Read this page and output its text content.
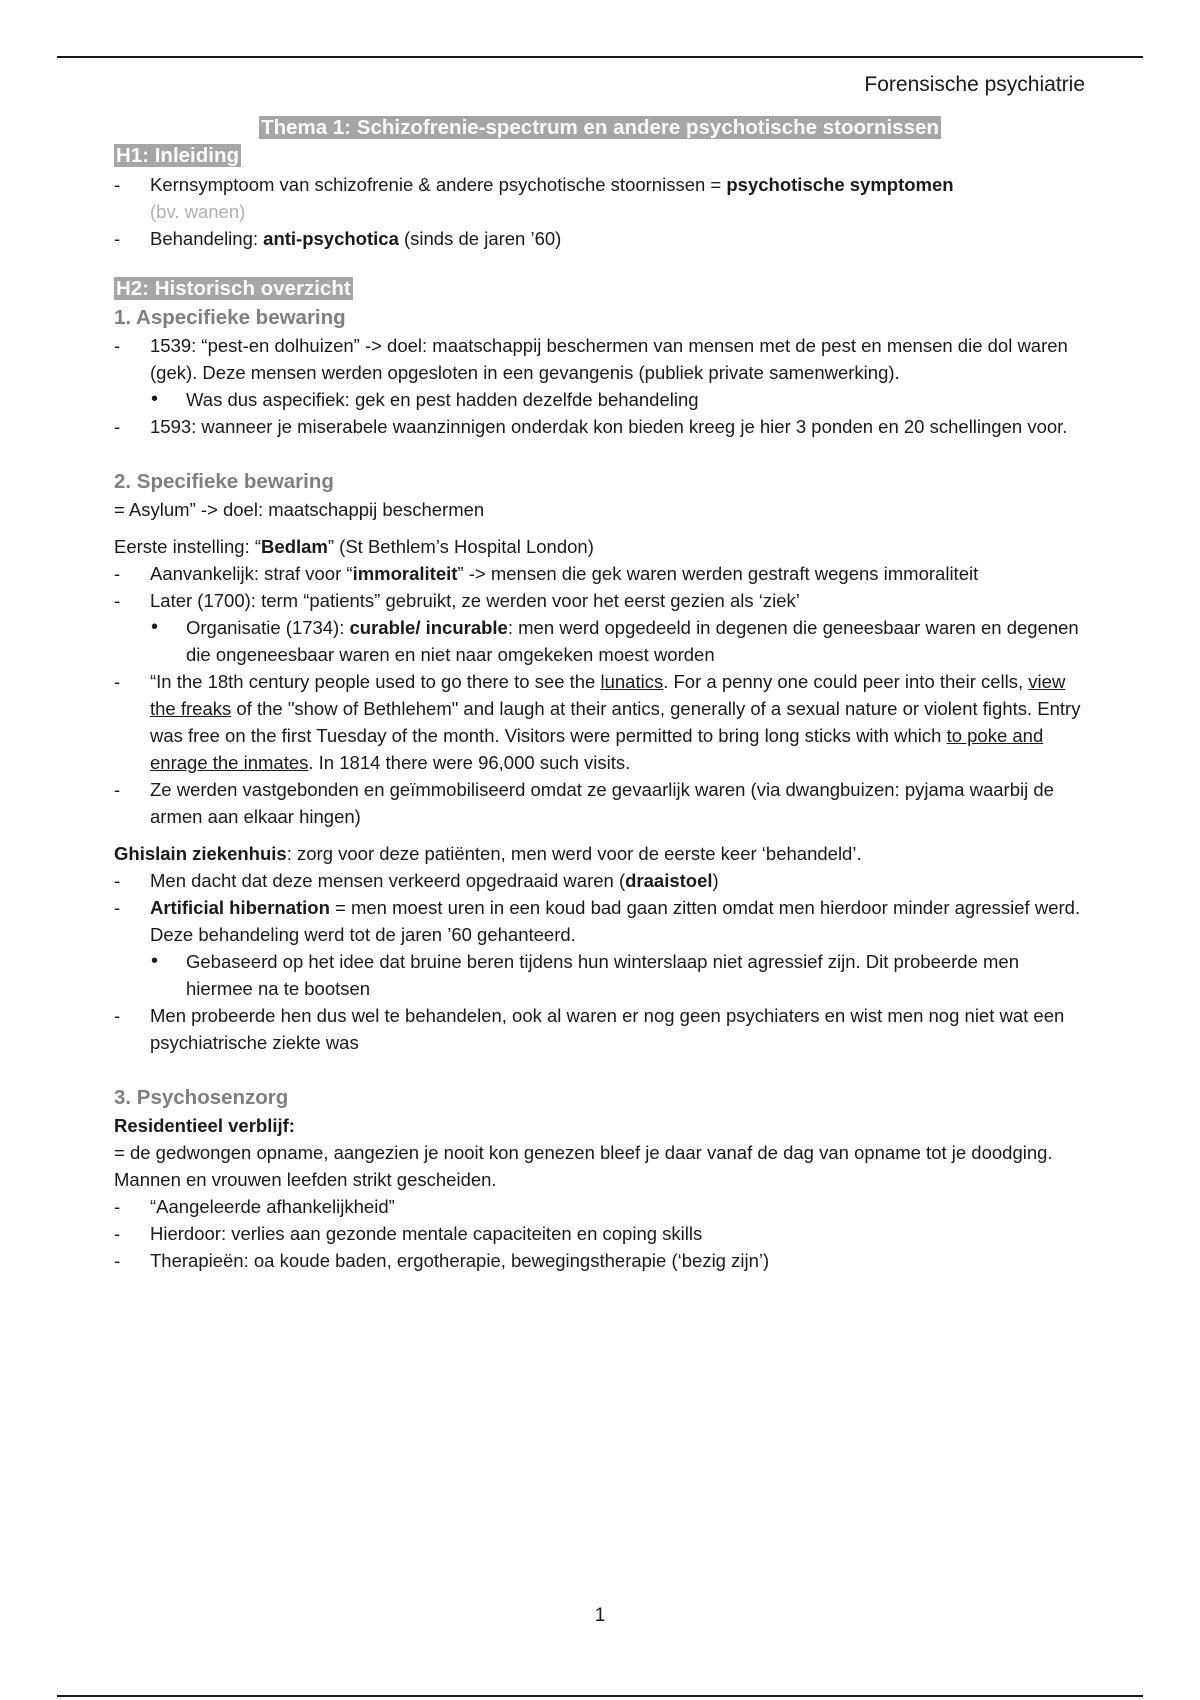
Forensische psychiatrie
Thema 1: Schizofrenie-spectrum en andere psychotische stoornissen

H1: Inleiding

- Kernsymptoom van schizofrenie & andere psychotische stoornissen = psychotische symptomen
(bv. wanen)

- Behandeling: anti-psychotica (sinds de jaren ’60)

H2: Historisch overzicht

1. Aspecifieke bewaring

- 1539: “pest-en dolhuizen” -> doel: maatschappij beschermen van mensen met de pest en mensen die dol waren (gek). Deze mensen werden opgesloten in een gevangenis (publiek private samenwerking).

• Was dus aspecifiek: gek en pest hadden dezelfde behandeling

- 1593: wanneer je miserabele waanzinnigen onderdak kon bieden kreeg je hier 3 ponden en 20 schellingen voor.

2. Specifieke bewaring

= Asylum” -> doel: maatschappij beschermen

Eerste instelling: “Bedlam” (St Bethlem’s Hospital London)

- Aanvankelijk: straf voor “immoraliteit” -> mensen die gek waren werden gestraft wegens immoraliteit

- Later (1700): term “patients” gebruikt, ze werden voor het eerst gezien als ‘ziek’

• Organisatie (1734): curable/ incurable: men werd opgedeeld in degenen die geneesbaar waren en degenen die ongeneesbaar waren en niet naar omgekeken moest worden

- “In the 18th century people used to go there to see the lunatics. For a penny one could peer into their cells, view the freaks of the "show of Bethlehem" and laugh at their antics, generally of a sexual nature or violent fights. Entry was free on the first Tuesday of the month. Visitors were permitted to bring long sticks with which to poke and enrage the inmates. In 1814 there were 96,000 such visits.

- Ze werden vastgebonden en geïmmobiliseerd omdat ze gevaarlijk waren (via dwangbuizen: pyjama waarbij de armen aan elkaar hingen)

Ghislain ziekenhuis: zorg voor deze patiënten, men werd voor de eerste keer ‘behandeld’.

- Men dacht dat deze mensen verkeerd opgedraaid waren (draaistoel)

- Artificial hibernation = men moest uren in een koud bad gaan zitten omdat men hierdoor minder agressief werd. Deze behandeling werd tot de jaren ’60 gehanteerd.

• Gebaseerd op het idee dat bruine beren tijdens hun winterslaap niet agressief zijn. Dit probeerde men hiermee na te bootsen

- Men probeerde hen dus wel te behandelen, ook al waren er nog geen psychiaters en wist men nog niet wat een psychiatrische ziekte was

3. Psychosenzorg

Residentieel verblijf:

= de gedwongen opname, aangezien je nooit kon genezen bleef je daar vanaf de dag van opname tot je doodging. Mannen en vrouwen leefden strikt gescheiden.

- “Aangeleerde afhankelijkheid”

- Hierdoor: verlies aan gezonde mentale capaciteiten en coping skills

- Therapieën: oa koude baden, ergotherapie, bewegingstherapie (‘bezig zijn’)

1
